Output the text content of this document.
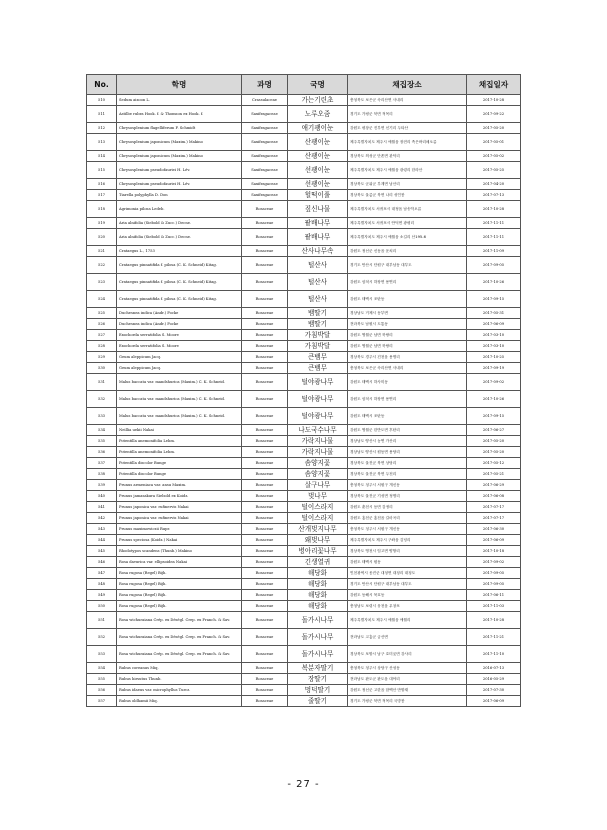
No.	학명	과명	국명	채집장소	채집일자
510	Sedum aizoon L.	Crassulaceae	가는기린초	충청북도 보은군 속리산면 사내리	2017-10-28
511	Astilbe rubra Hook. f. & Thomson ex Hook. f.	Saxifragaceae	노루오줌	경기도 가평군 북면 적목리	2017-09-22
512	Chrysosplenium flagelliferum F. Schmidt	Saxifragaceae	애기괭이눈	강원도 평창군 진부면 신기리 두타산	2017-05-20
513	Chrysosplenium japonicum (Maxim.) Makino	Saxifragaceae	산괭이눈	제주특별자치도 제주시 애월읍 장전리 족은바리메오름	2017-05-01
514	Chrysosplenium japonicum (Maxim.) Makino	Saxifragaceae	산괭이눈	경상북도 의성군 단촌면 관덕리	2017-05-02
515	Chrysosplenium pseudofauriei H. Lév.	Saxifragaceae	선괭이눈	제주특별자치도 제주시 애월읍 광령리 한라산	2017-05-25
516	Chrysosplenium pseudofauriei H. Lév.	Saxifragaceae	선괭이눈	경상북도 군위군 부계면 남산리	2017-04-20
517	Tiarella polyphylla D. Don	Saxifragaceae	헐떡이풀	경상북도 울릉군 북면 나리 성인봉	2017-07-13
518	Agrimonia pilosa Ledeb.	Rosaceae	짚신나물	제주특별자치도 서귀포시 대정읍 남송악오름	2017-10-28
519	Aria alnifolia (Siebold & Zucc.) Decne.	Rosaceae	팥배나무	제주특별자치도 서귀포시 안덕면 광평리	2017-11-11
520	Aria alnifolia (Siebold & Zucc.) Decne.	Rosaceae	팥배나무	제주특별자치도 제주시 애월읍 소길리 산195-6	2017-11-11
521	Crataegus L., 1753	Rosaceae	산사나무속	강원도 정선군 신동읍 운치리	2017-11-09
522	Crataegus pinnatifida f. pilosa (C. K. Schneid) Kitag.	Rosaceae	털산사	경기도 안산시 단원구 대부남동 대부도	2017-09-05
523	Crataegus pinnatifida f. pilosa (C. K. Schneid) Kitag.	Rosaceae	털산사	강원도 삼척시 하장면 용연리	2017-10-26
524	Crataegus pinnatifida f. pilosa (C. K. Schneid) Kitag.	Rosaceae	털산사	강원도 태백시 조탄동	2017-09-15
525	Duchesnea indica (Andr.) Focke	Rosaceae	뱀딸기	경상남도 거제시 동부면	2017-05-31
526	Duchesnea indica (Andr.) Focke	Rosaceae	뱀딸기	전라북도 남원시 도통동	2017-06-09
527	Exochorda serratifolia S. Moore	Rosaceae	가침박달	강원도 영월군 남면 북쌍리	2017-03-10
528	Exochorda serratifolia S. Moore	Rosaceae	가침박달	강원도 영월군 남면 북쌍리	2017-03-10
529	Geum aleppicum Jacq.	Rosaceae	큰뱀무	경상북도 경주시 건천읍 용명리	2017-10-25
530	Geum aleppicum Jacq.	Rosaceae	큰뱀무	충청북도 보은군 속리산면 사내리	2017-09-19
531	Malus baccata var. mandshurica (Maxim.) C. K. Schneid.	Rosaceae	털야광나무	강원도 태백시 하사미동	2017-09-02
532	Malus baccata var. mandshurica (Maxim.) C. K. Schneid.	Rosaceae	털야광나무	강원도 삼척시 하장면 용연리	2017-10-26
533	Malus baccata var. mandshurica (Maxim.) C. K. Schneid.	Rosaceae	털야광나무	강원도 태백시 조탄동	2017-09-15
534	Neillia uekii Nakai	Rosaceae	나도국수나무	강원도 영월군 한반도면 후탄리	2017-06-27
535	Potentilla anemonifolia Lehm.	Rosaceae	가락지나물	경상남도 양산시 농연 가산리	2017-05-20
536	Potentilla anemonifolia Lehm.	Rosaceae	가락지나물	경상남도 양산시 원동면 용당리	2017-05-20
537	Potentilla discolor Bunge	Rosaceae	솜양지꽃	경상북도 울진군 북면 상당리	2017-05-12
538	Potentilla discolor Bunge	Rosaceae	솜양지꽃	경상북도 울진군 북면 두천리	2017-05-21
539	Prunus armeniaca var. ansu Maxim.	Rosaceae	살구나무	충청북도 청주시 서원구 개신동	2017-06-29
540	Prunus jamasakura Siebold ex Koidz.	Rosaceae	벚나무	경상북도 울진군 기성면 정명리	2017-06-08
541	Prunus japonica var. rufinervis Nakai	Rosaceae	털이스라지	강원도 춘천시 동면 감정리	2017-07-17
542	Prunus japonica var. rufinervis Nakai	Rosaceae	털이스라지	강원도 홍천군 홍천읍 갈마곡리	2017-07-17
543	Prunus maximowiczii Rupr.	Rosaceae	산개벚지나무	충청북도 청주시 서원구 개신동	2017-06-30
544	Prunus speciosa (Koidz.) Nakai	Rosaceae	왜벚나무	제주특별자치도 제주시 구좌읍 김녕리	2017-06-09
545	Rhodotypos scandens (Thunb.) Makino	Rosaceae	병아리꽃나무	경상북도 영천시 임고면 양항리	2017-10-18
546	Rosa davurica var. ellipsoidea Nakai	Rosaceae	긴생열귀	강원도 태백시 원동	2017-09-02
547	Rosa rugosa (Regel) Bijh.	Rosaceae	해당화	인천광역시 옹진군 대청면 대청리 대청도	2017-09-05
548	Rosa rugosa (Regel) Bijh.	Rosaceae	해당화	경기도 안산시 단원구 대부남동 대부도	2017-09-05
549	Rosa rugosa (Regel) Bijh.	Rosaceae	해당화	강원도 동해시 묵호동	2017-06-11
550	Rosa rugosa (Regel) Bijh.	Rosaceae	해당화	충청남도 보령시 웅천읍 무창포	2017-11-03
551	Rosa wichuraiana Crép. ex Déségl. Crep. ex Franch. & Sav.	Rosaceae	돌가시나무	제주특별자치도 제주시 애월읍 애월리	2017-10-28
552	Rosa wichuraiana Crép. ex Déségl. Crep. ex Franch. & Sav.	Rosaceae	돌가시나무	전라남도 고흥군 금산면	2017-11-21
553	Rosa wichuraiana Crép. ex Déségl. Crep. ex Franch. & Sav.	Rosaceae	돌가시나무	경상북도 포항시 남구 호미곶면 강사리	2017-11-10
554	Rubus coreanus Miq.	Rosaceae	복분자딸기	충청북도 청주시 상당구 산성동	2016-07-13
555	Rubus hirsutus Thunb.	Rosaceae	장딸기	전라남도 완도군 완도읍 대야리	2016-05-29
556	Rubus idaeus var. microphyllus Turcz.	Rosaceae	멍덕딸기	강원도 정선군 고한읍 함백산 만항재	2017-07-30
557	Rubus oldhamii Miq.	Rosaceae	줄딸기	경기도 가평군 북면 적목리 국망봉	2017-06-09
- 27 -
